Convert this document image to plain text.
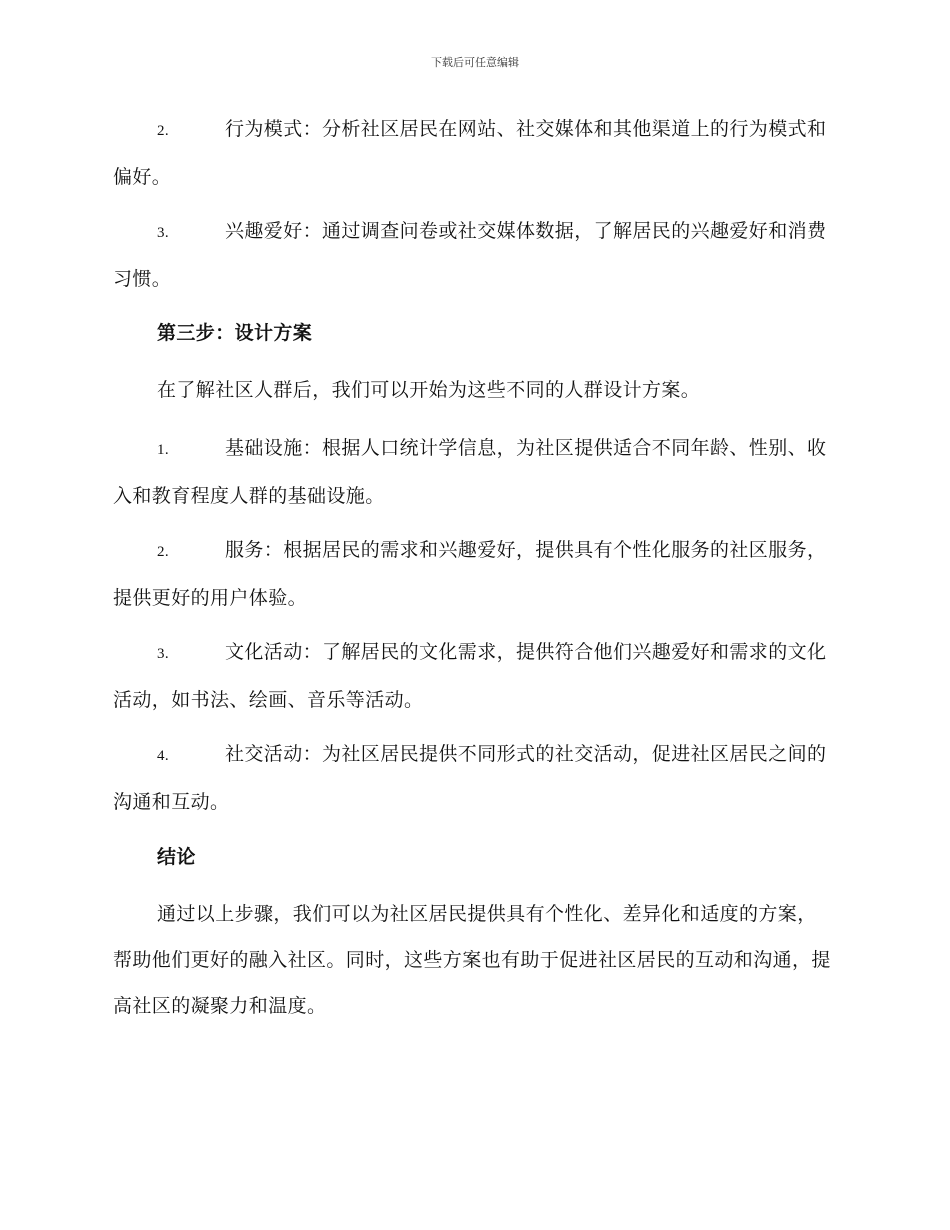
下载后可任意编辑
2.	行为模式：分析社区居民在网站、社交媒体和其他渠道上的行为模式和偏好。
3.	兴趣爱好：通过调查问卷或社交媒体数据，了解居民的兴趣爱好和消费习惯。
第三步：设计方案
在了解社区人群后，我们可以开始为这些不同的人群设计方案。
1.	基础设施：根据人口统计学信息，为社区提供适合不同年龄、性别、收入和教育程度人群的基础设施。
2.	服务：根据居民的需求和兴趣爱好，提供具有个性化服务的社区服务，提供更好的用户体验。
3.	文化活动：了解居民的文化需求，提供符合他们兴趣爱好和需求的文化活动，如书法、绘画、音乐等活动。
4.	社交活动：为社区居民提供不同形式的社交活动，促进社区居民之间的沟通和互动。
结论
通过以上步骤，我们可以为社区居民提供具有个性化、差异化和适度的方案，帮助他们更好的融入社区。同时，这些方案也有助于促进社区居民的互动和沟通，提高社区的凝聚力和温度。
